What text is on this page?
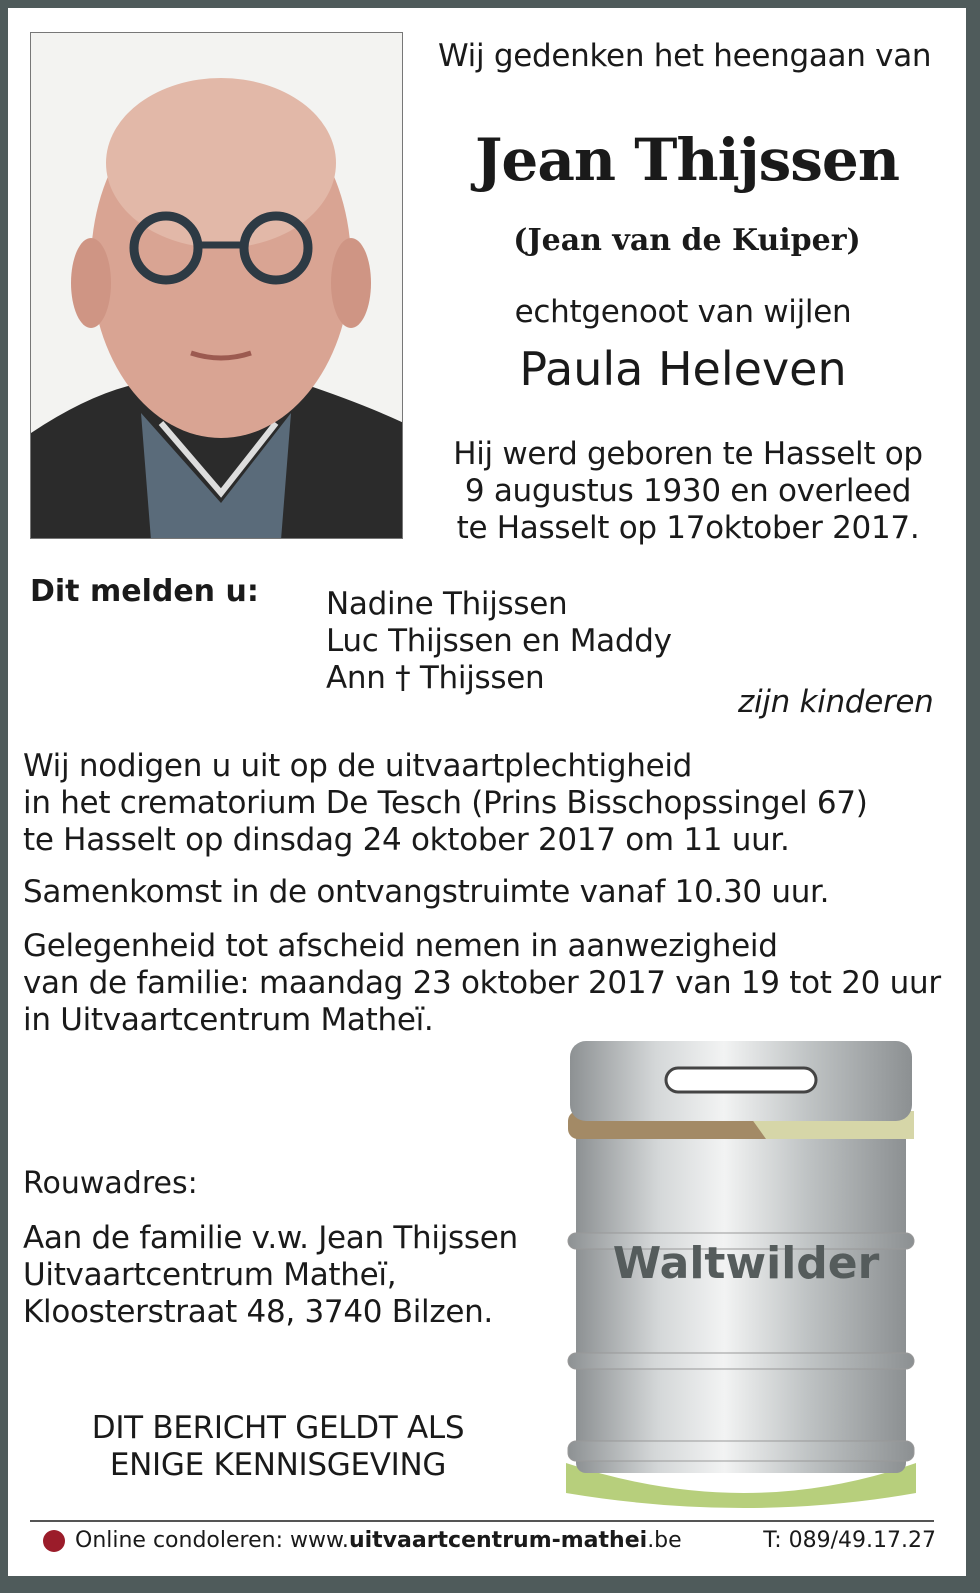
Wij gedenken het heengaan van
Jean Thijssen
(Jean van de Kuiper)
echtgenoot van wijlen
Paula Heleven
Hij werd geboren te Hasselt op
9 augustus 1930 en overleed
te Hasselt op 17oktober 2017.
Dit melden u: Nadine Thijssen
Luc Thijssen en Maddy
Ann † Thijssen
zijn kinderen
Wij nodigen u uit op de uitvaartplechtigheid
in het crematorium De Tesch (Prins Bisschopssingel 67)
te Hasselt op dinsdag 24 oktober 2017 om 11 uur.
Samenkomst in de ontvangstruimte vanaf 10.30 uur.
Gelegenheid tot afscheid nemen in aanwezigheid
van de familie: maandag 23 oktober 2017 van 19 tot 20 uur
in Uitvaartcentrum Matheï.
Rouwadres:
Aan de familie v.w. Jean Thijssen
Uitvaartcentrum Matheï,
Kloosterstraat 48, 3740 Bilzen.
DIT BERICHT GELDT ALS
ENIGE KENNISGEVING
Waltwilder
Online condoleren: www.uitvaartcentrum-mathei.be	T: 089/49.17.27
